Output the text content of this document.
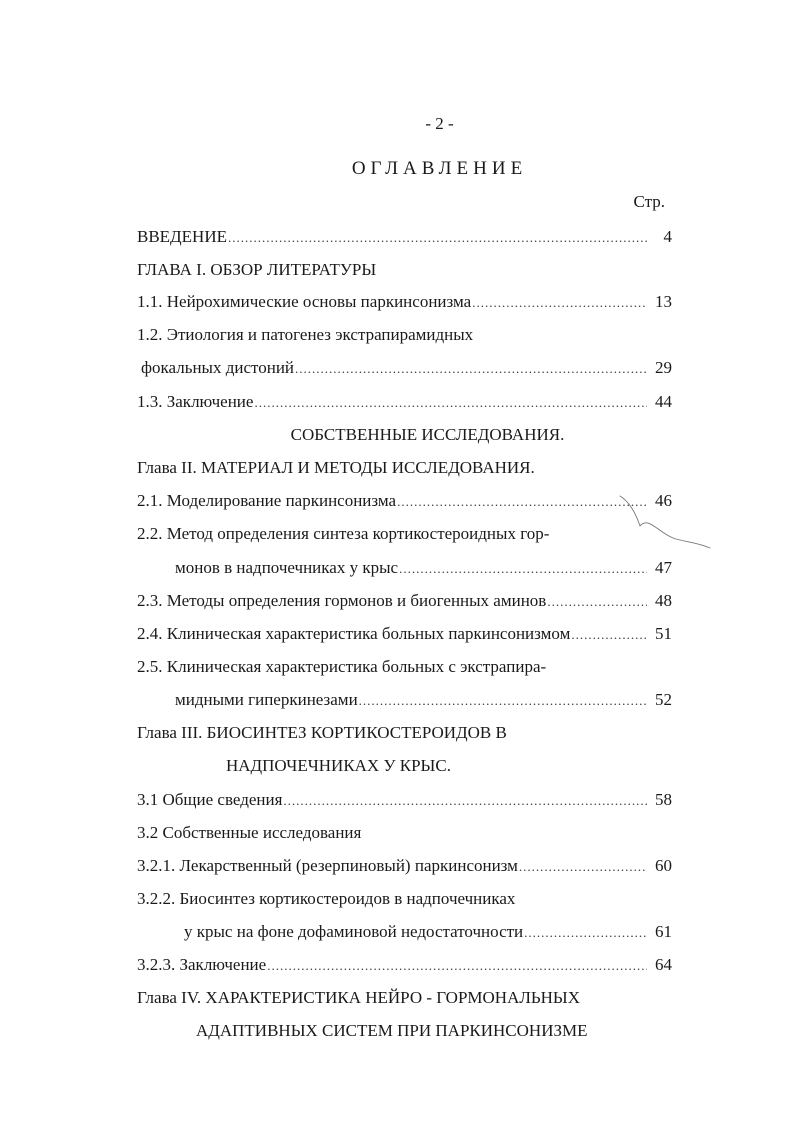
- 2 -
ОГЛАВЛЕНИЕ
Стр.
ВВЕДЕНИЕ .....	4
ГЛАВА I. ОБЗОР ЛИТЕРАТУРЫ
1.1. Нейрохимические основы паркинсонизма .....	13
1.2. Этиология и патогенез экстрапирамидных
фокальных дистоний .....	29
1.3. Заключение .....	44
СОБСТВЕННЫЕ ИССЛЕДОВАНИЯ.
Глава II. МАТЕРИАЛ И МЕТОДЫ ИССЛЕДОВАНИЯ.
2.1. Моделирование паркинсонизма .....	46
2.2. Метод определения синтеза кортикостероидных гор-
монов в надпочечниках у крыс .....	47
2.3. Методы определения гормонов и биогенных аминов .....	48
2.4. Клиническая характеристика больных паркинсонизмом .....	51
2.5. Клиническая характеристика больных с экстрапира-
мидными гиперкинезами .....	52
Глава III. БИОСИНТЕЗ КОРТИКОСТЕРОИДОВ В
НАДПОЧЕЧНИКАХ У КРЫС.
3.1 Общие сведения .....	58
3.2 Собственные исследования
3.2.1. Лекарственный (резерпиновый) паркинсонизм .....	60
3.2.2. Биосинтез кортикостероидов в надпочечниках
у крыс на фоне дофаминовой недостаточности .....	61
3.2.3. Заключение .....	64
Глава IV. ХАРАКТЕРИСТИКА НЕЙРО - ГОРМОНАЛЬНЫХ
АДАПТИВНЫХ СИСТЕМ ПРИ ПАРКИНСОНИЗМЕ
